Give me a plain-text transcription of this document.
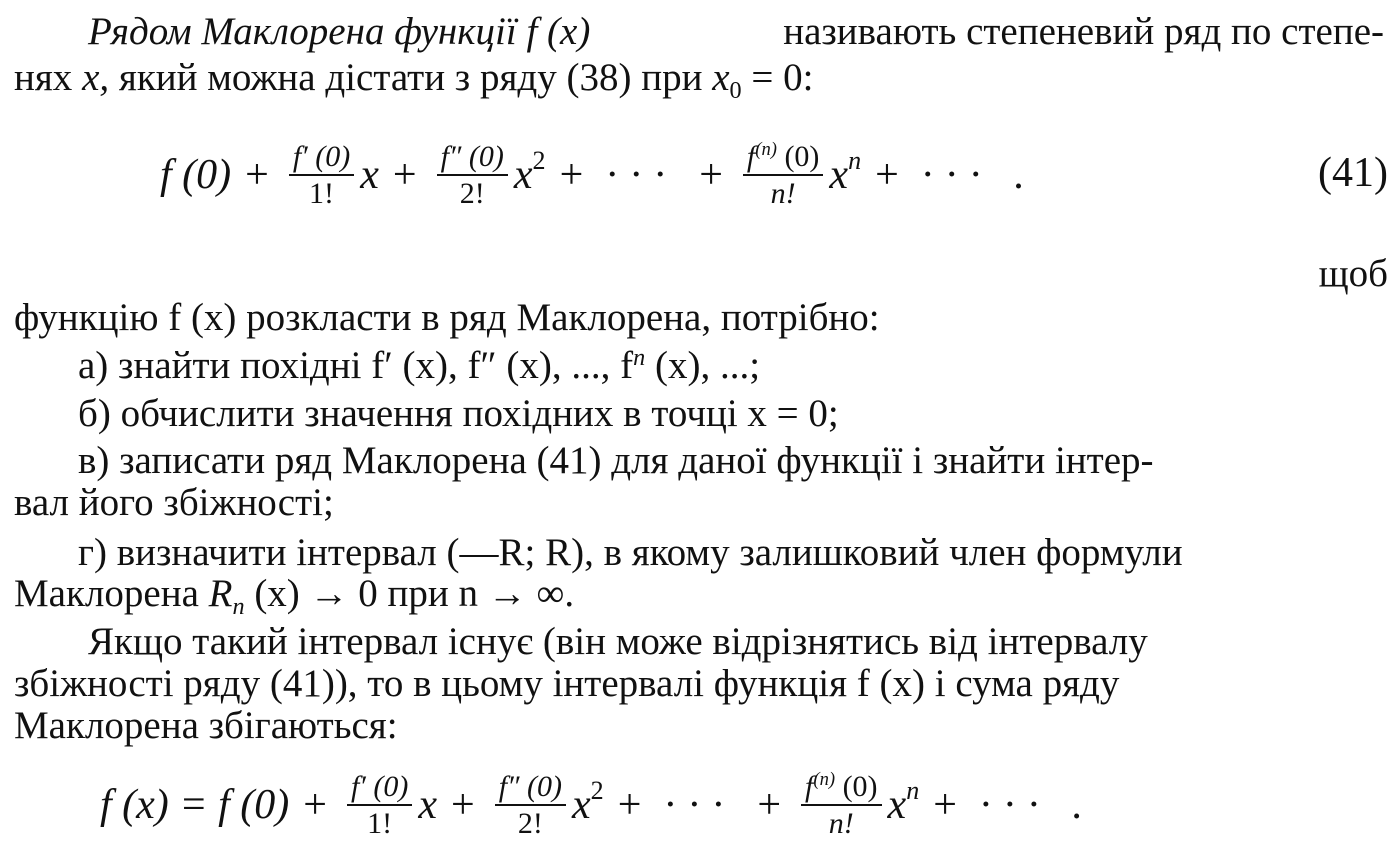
Рядом Маклорена функції f (x)	називають степеневий ряд по степе-
нях x, який можна дістати з ряду (38) при $x_0 = 0$:
f $(0) + \frac{f' (0)}{1!}$ $x + \frac{f'' (0)}{2!}$ x 2 + ··· + $\frac{f^{(n)} (0)}{n!}$ x n + ··· .	(41)
щоб
функцію f (x) розкласти в ряд Маклорена, потрібно:
а) знайти похідні f′ (x), f″ (x), ..., $f^n$ (x), ...;
б) обчислити значення похідних в точці x = 0;
в) записати ряд Маклорена (41) для даної функції і знайти інтер-
вал його збіжності;
г) визначити інтервал (—R; R), в якому залишковий член формули
Маклорена $R_n$ (x) → 0 при n → ∞.
Якщо такий інтервал існує (він може відрізнятись від інтервалу
збіжності ряду (41)), то в цьому інтервалі функція f (x) і сума ряду
Маклорена збігаються:
f (x) = f $(0) + \frac{f' (0)}{1!}$ $x + \frac{f'' (0)}{2!}$ x 2 + ··· + $\frac{f^{(n)} (0)}{n!}$ x n + ··· .
